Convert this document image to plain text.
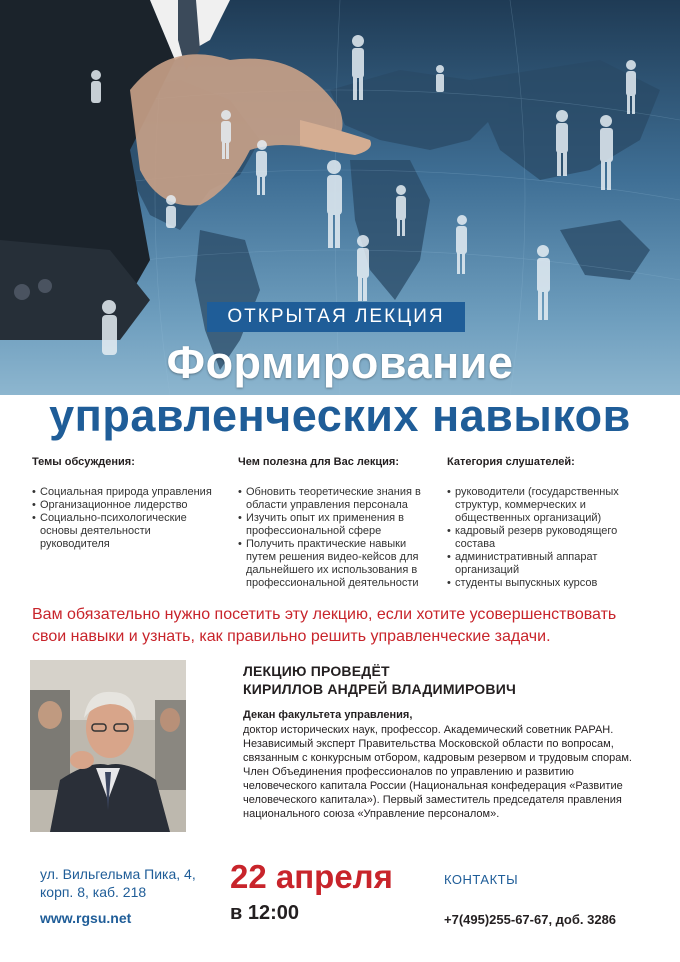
ОТКРЫТАЯ ЛЕКЦИЯ
Формирование
управленческих навыков
Темы обсуждения:
• Социальная природа управления
• Организационное лидерство
• Социально-психологические основы деятельности руководителя
Чем полезна для Вас лекция:
• Обновить теоретические знания в области управления персонала
• Изучить опыт их применения в профессиональной сфере
• Получить практические навыки путем решения видео-кейсов для дальнейшего их использования в профессиональной деятельности
Категория слушателей:
• руководители (государственных структур, коммерческих и общественных организаций)
• кадровый резерв руководящего состава
• административный аппарат организаций
• студенты выпускных курсов
Вам обязательно нужно посетить эту лекцию, если хотите усовершенствовать свои навыки и узнать, как правильно решить управленческие задачи.
ЛЕКЦИЮ ПРОВЕДЁТ
КИРИЛЛОВ АНДРЕЙ ВЛАДИМИРОВИЧ
Декан факультета управления,
доктор исторических наук, профессор. Академический советник РАРАН. Независимый эксперт Правительства Московской области по вопросам, связанным с конкурсным отбором, кадровым резервом и трудовым спорам. Член Объединения профессионалов по управлению и развитию человеческого капитала России (Национальная конфедерация «Развитие человеческого капитала»). Первый заместитель председателя правления национального союза «Управление персоналом».
ул. Вильгельма Пика, 4,
корп. 8, каб. 218
www.rgsu.net
22 апреля
в 12:00
КОНТАКТЫ
+7(495)255-67-67, доб. 3286
